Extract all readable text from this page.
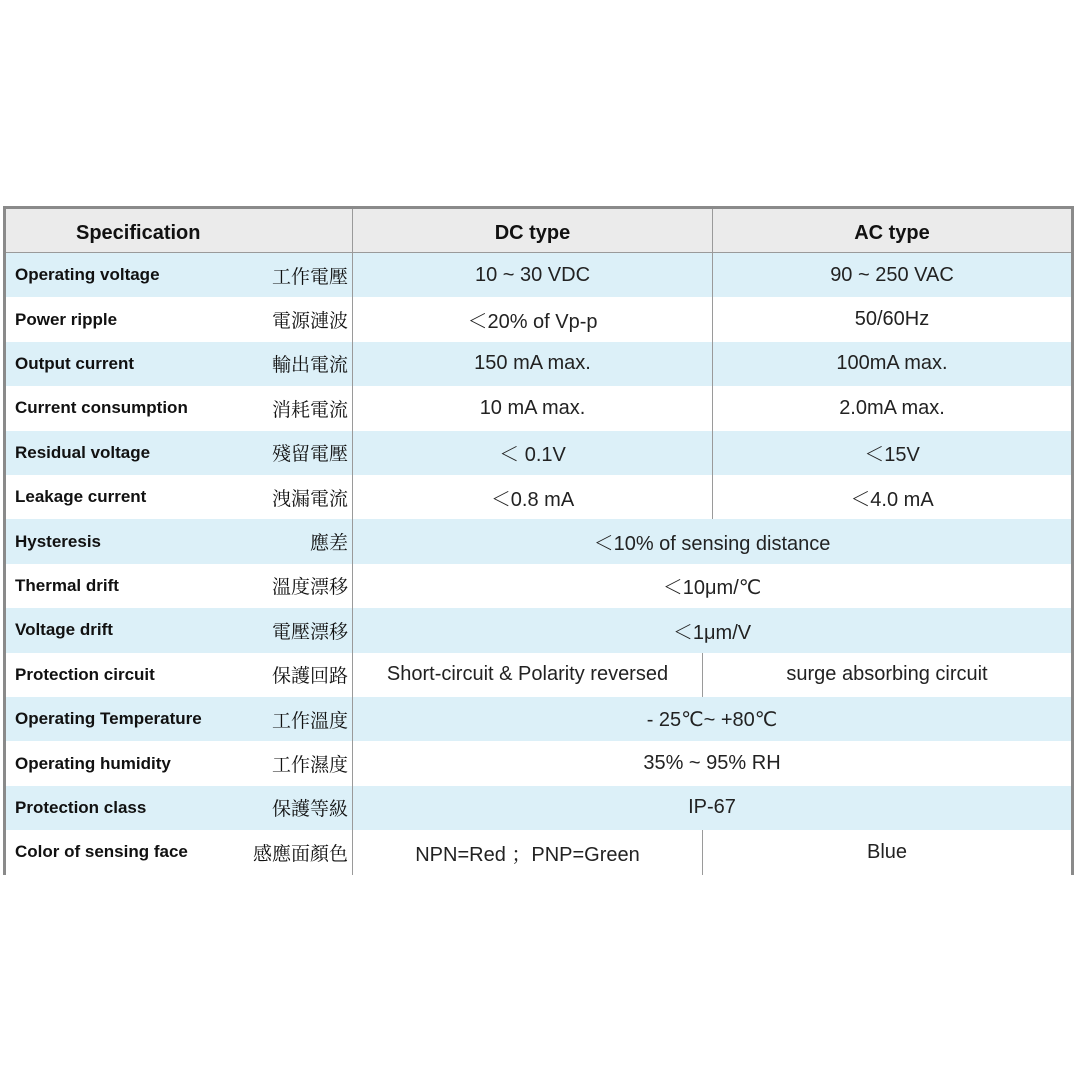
Specification	DC type	AC type
Operating voltage	工作電壓	10 ~ 30 VDC	90 ~ 250 VAC
Power ripple	電源漣波	＜20% of Vp-p	50/60Hz
Output current	輸出電流	150 mA max.	100mA max.
Current consumption	消耗電流	10 mA max.	2.0mA max.
Residual voltage	殘留電壓	＜ 0.1V	＜15V
Leakage current	洩漏電流	＜0.8 mA	＜4.0 mA
Hysteresis	應差	＜10% of sensing distance
Thermal drift	溫度漂移	＜10μm/℃
Voltage drift	電壓漂移	＜1μm/V
Protection circuit	保護回路	Short-circuit & Polarity reversed	surge absorbing circuit
Operating Temperature	工作溫度	- 25℃~ +80℃
Operating humidity	工作濕度	35% ~ 95% RH
Protection class	保護等級	IP-67
Color of sensing face	感應面顏色	NPN=Red ；PNP=Green	Blue
